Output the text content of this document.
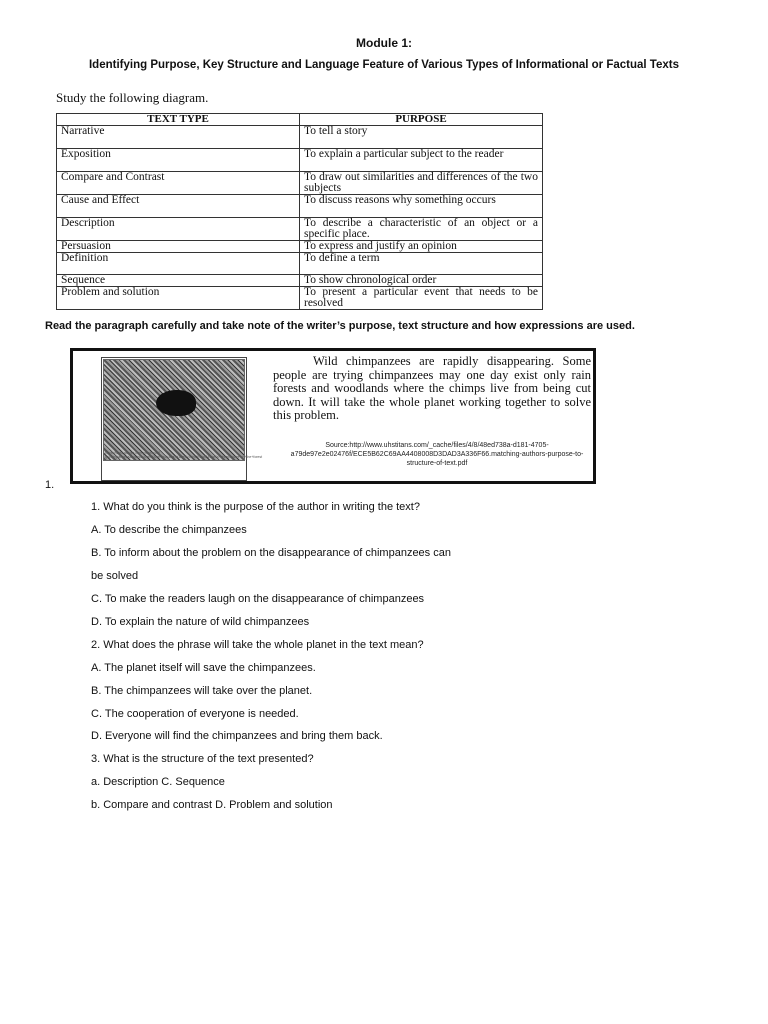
Module 1:
Identifying Purpose, Key Structure and Language Feature of Various Types of Informational or Factual Texts
Study the following diagram.
TEXT TYPE	PURPOSE
Narrative	To tell a story
Exposition	To explain a particular subject to the reader
Compare and Contrast	To draw out similarities and differences of the two subjects
Cause and Effect	To discuss reasons why something occurs
Description	To describe a characteristic of an object or a specific place.
Persuasion	To express and justify an opinion
Definition	To define a term
Sequence	To show chronological order
Problem and solution	To present a particular event that needs to be resolved
Read the paragraph carefully and take note of the writer’s purpose, text structure and how expressions are used.
https://www.google.com.ph/search?q=chimpanzees&source=lnms&tbm=isch&sa=X&ved=0ahUKEwiB4wwCs+chimpanzee+in+the+forest
Wild chimpanzees are rapidly disappearing. Some people are trying chimpanzees may one day exist only rain forests and woodlands where the chimps live from being cut down. It will take the whole planet working together to solve this problem.
Source:http://www.uhstitans.com/_cache/files/4/8/48ed738a-d181-4705-a79de97e2e02476f/ECE5B62C69AA4408008D3DAD3A336F66.matching-authors-purpose-to-structure-of-text.pdf
1.
1. What do you think is the purpose of the author in writing the text?
A. To describe the chimpanzees
B. To inform about the problem on the disappearance of chimpanzees can
be solved
C. To make the readers laugh on the disappearance of chimpanzees
D. To explain the nature of wild chimpanzees
2. What does the phrase will take the whole planet in the text mean?
A. The planet itself will save the chimpanzees.
B. The chimpanzees will take over the planet.
C. The cooperation of everyone is needed.
D. Everyone will find the chimpanzees and bring them back.
3. What is the structure of the text presented?
a. Description C. Sequence
b. Compare and contrast D. Problem and solution
